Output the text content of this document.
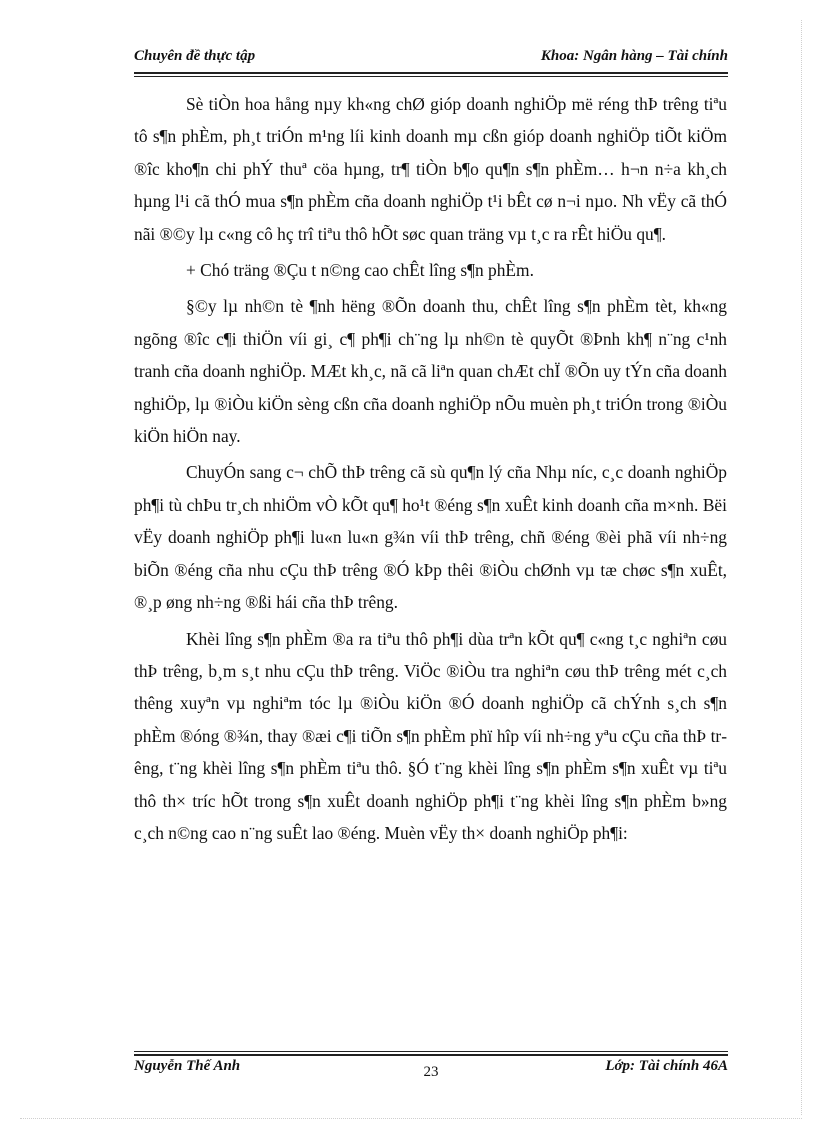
Chuyên đề thực tập	Khoa: Ngân hàng – Tài chính

Sè tiÒn hoa hång nµy kh«ng chØ gióp doanh nghiÖp më réng thÞ trêng tiªu tô s¶n phÈm, ph¸t triÓn m¹ng líi kinh doanh mµ cßn gióp doanh nghiÖp tiÕt kiÖm ®îc kho¶n chi phÝ thuª cöa hµng, tr¶ tiÒn b¶o qu¶n s¶n phÈm… h¬n n÷a kh¸ch hµng l¹i cã thÓ mua s¶n phÈm cña doanh nghiÖp t¹i bÊt cø n¬i nµo. Nh vËy cã thÓ nãi ®©y lµ c«ng cô hç trî tiªu thô hÕt søc quan träng vµ t¸c ra rÊt hiÖu qu¶.

+ Chó träng ®Çu t n©ng cao chÊt lîng s¶n phÈm.

§©y lµ nh©n tè ¶nh hëng ®Õn doanh thu, chÊt lîng s¶n phÈm tèt, kh«ng ngõng ®îc c¶i thiÖn víi gi¸ c¶ ph¶i ch¨ng lµ nh©n tè quyÕt ®Þnh kh¶ n¨ng c¹nh tranh cña doanh nghiÖp. MÆt kh¸c, nã cã liªn quan chÆt chÏ ®Õn uy tÝn cña doanh nghiÖp, lµ ®iÒu kiÖn sèng cßn cña doanh nghiÖp nÕu muèn ph¸t triÓn trong ®iÒu kiÖn hiÖn nay.

ChuyÓn sang c¬ chÕ thÞ trêng cã sù qu¶n lý cña Nhµ níc, c¸c doanh nghiÖp ph¶i tù chÞu tr¸ch nhiÖm vÒ kÕt qu¶ ho¹t ®éng s¶n xuÊt kinh doanh cña m×nh. Bëi vËy doanh nghiÖp ph¶i lu«n lu«n g¾n víi thÞ trêng, chñ ®éng ®èi phã víi nh÷ng biÕn ®éng cña nhu cÇu thÞ trêng ®Ó kÞp thêi ®iÒu chØnh vµ tæ chøc s¶n xuÊt, ®¸p øng nh÷ng ®ßi hái cña thÞ trêng.

Khèi lîng s¶n phÈm ®a ra tiªu thô ph¶i dùa trªn kÕt qu¶ c«ng t¸c nghiªn cøu thÞ trêng, b¸m s¸t nhu cÇu thÞ trêng. ViÖc ®iÒu tra nghiªn cøu thÞ trêng mét c¸ch thêng xuyªn vµ nghiªm tóc lµ ®iÒu kiÖn ®Ó doanh nghiÖp cã chÝnh s¸ch s¶n phÈm ®óng ®¾n, thay ®æi c¶i tiÕn s¶n phÈm phï hîp víi nh÷ng yªu cÇu cña thÞ trêng, t¨ng khèi lîng s¶n phÈm tiªu thô. §Ó t¨ng khèi lîng s¶n phÈm s¶n xuÊt vµ tiªu thô th× tríc hÕt trong s¶n xuÊt doanh nghiÖp ph¶i t¨ng khèi lîng s¶n phÈm b»ng c¸ch n©ng cao n¨ng suÊt lao ®éng. Muèn vËy th× doanh nghiÖp ph¶i:

Nguyễn Thế Anh	23	Lớp: Tài chính 46A
